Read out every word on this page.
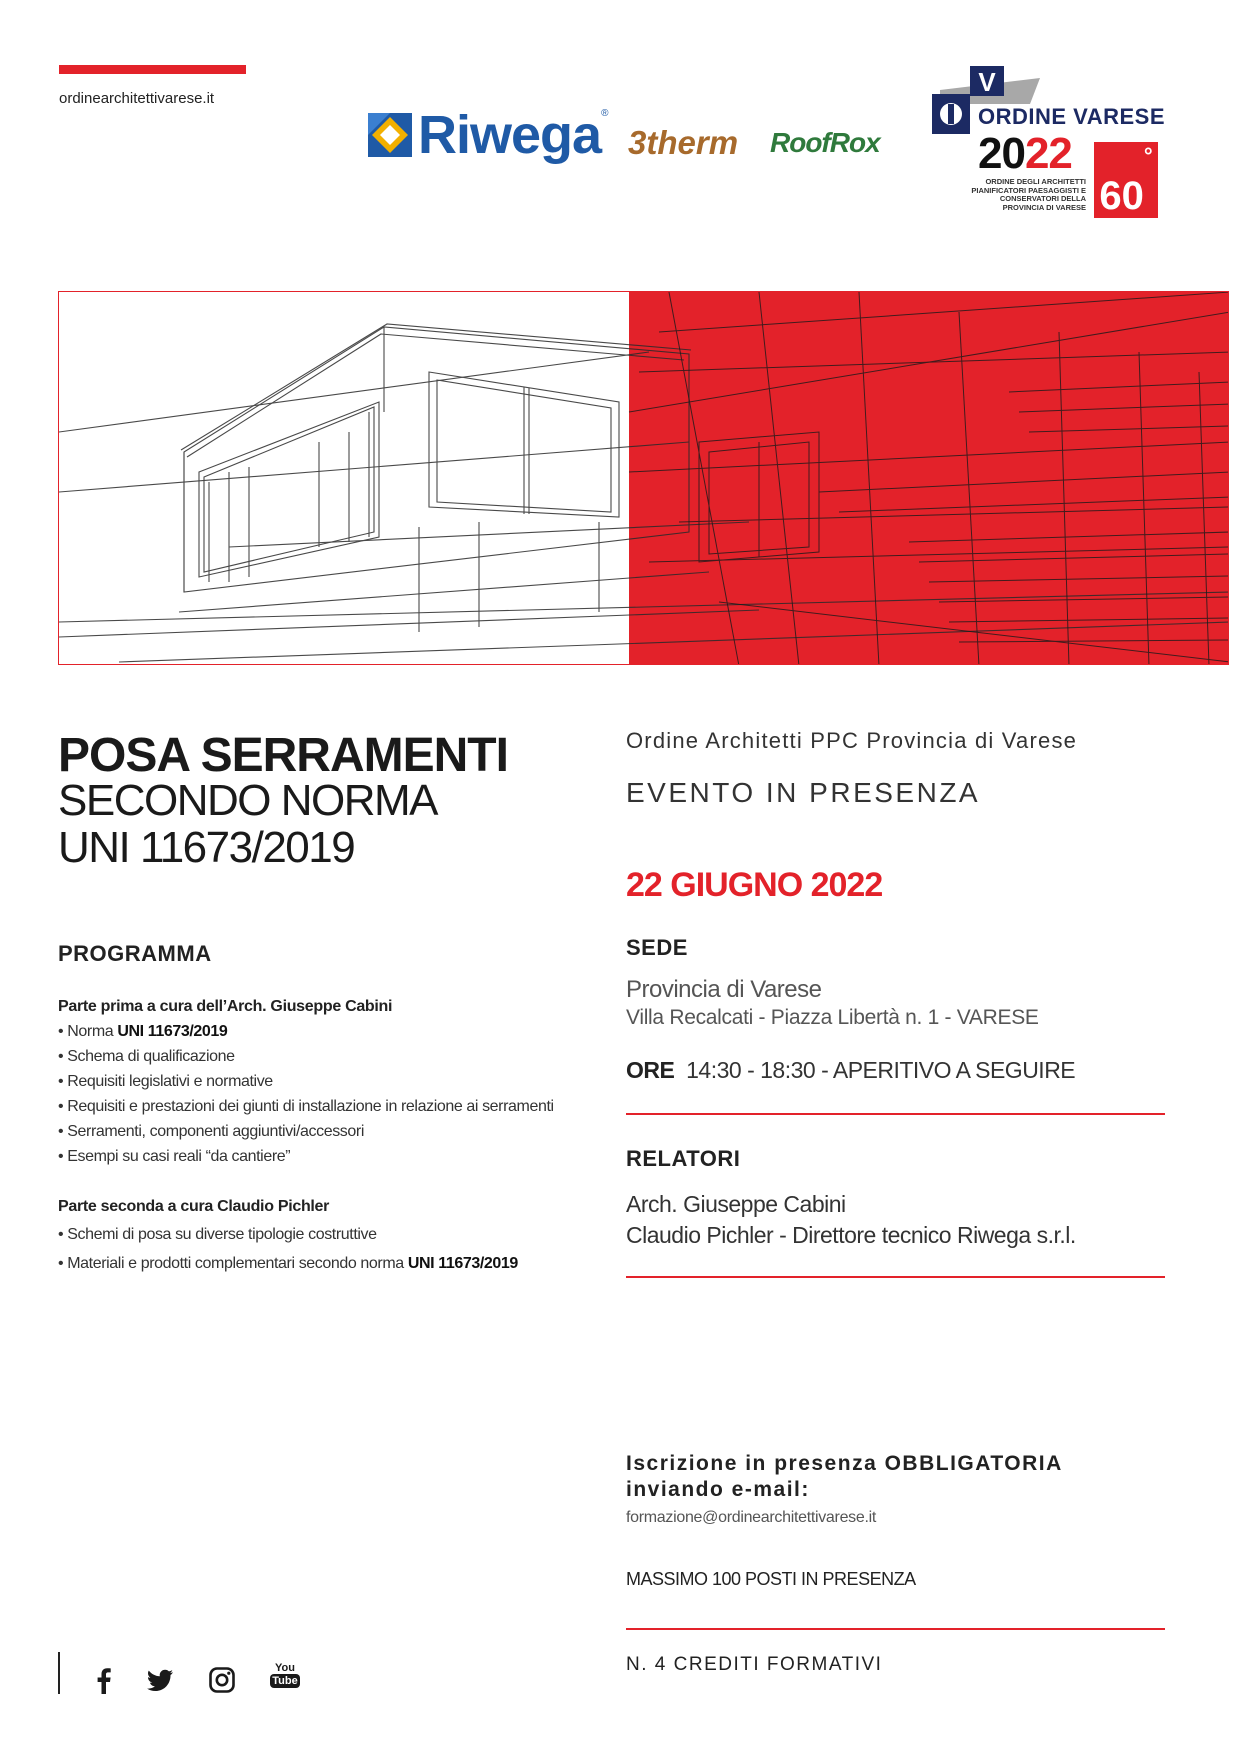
ordinearchitettivarese.it
Riwega ®
3therm RoofRox
V
ORDINE VARESE
2022
ORDINE DEGLI ARCHITETTI PIANIFICATORI PAESAGGISTI E CONSERVATORI DELLA PROVINCIA DI VARESE 60
°
POSA SERRAMENTI
SECONDO NORMA
UNI 11673/2019
PROGRAMMA
Parte prima a cura dell’Arch. Giuseppe Cabini
• Norma UNI 11673/2019
• Schema di qualificazione
• Requisiti legislativi e normative
• Requisiti e prestazioni dei giunti di installazione in relazione ai serramenti
• Serramenti, componenti aggiuntivi/accessori
• Esempi su casi reali “da cantiere”
Parte seconda a cura Claudio Pichler
• Schemi di posa su diverse tipologie costruttive
• Materiali e prodotti complementari secondo norma UNI 11673/2019
Ordine Architetti PPC Provincia di Varese
EVENTO IN PRESENZA
22 GIUGNO 2022
SEDE
Provincia di Varese
Villa Recalcati - Piazza Libertà n. 1 - VARESE
ORE 14:30 - 18:30 - APERITIVO A SEGUIRE
RELATORI
Arch. Giuseppe Cabini
Claudio Pichler - Direttore tecnico Riwega s.r.l.
Iscrizione in presenza OBBLIGATORIA
inviando e-mail:
formazione@ordinearchitettivarese.it
MASSIMO 100 POSTI IN PRESENZA
N. 4 CREDITI FORMATIVI
You
Tube
